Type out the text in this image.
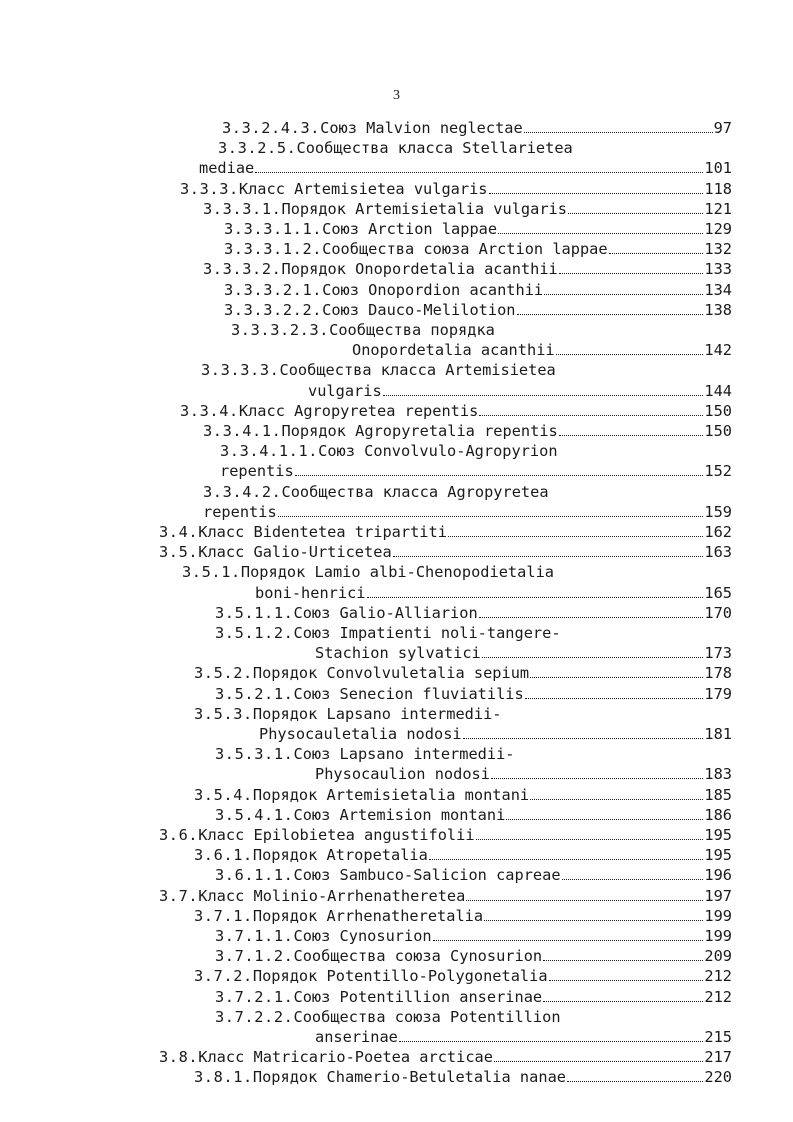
3
3.3.2.4.3. Союз Malvion neglectae	97
3.3.2.5. Сообщества класса Stellarietea
mediae	101
3.3.3. Класс Artemisietea vulgaris	118
3.3.3.1. Порядок Artemisietalia vulgaris	121
3.3.3.1.1. Союз Arction lappae	129
3.3.3.1.2. Сообщества союза Arction lappae	132
3.3.3.2. Порядок Onopordetalia acanthii	133
3.3.3.2.1. Союз Onopordion acanthii	134
3.3.3.2.2. Союз Dauco-Melilotion	138
3.3.3.2.3. Сообщества порядка
Onopordetalia acanthii	142
3.3.3.3. Сообщества класса Artemisietea
vulgaris	144
3.3.4. Класс Agropyretea repentis	150
3.3.4.1. Порядок Agropyretalia repentis	150
3.3.4.1.1. Союз Convolvulo-Agropyrion
repentis	152
3.3.4.2. Сообщества класса Agropyretea
repentis	159
3.4. Класс Bidentetea tripartiti	162
3.5. Класс Galio-Urticetea	163
3.5.1. Порядок Lamio albi-Chenopodietalia
boni-henrici	165
3.5.1.1. Союз Galio-Alliarion	170
3.5.1.2. Союз Impatienti noli-tangere-
Stachion sylvatici	173
3.5.2. Порядок Convolvuletalia sepium	178
3.5.2.1. Союз Senecion fluviatilis	179
3.5.3. Порядок Lapsano intermedii-
Physocauletalia nodosi	181
3.5.3.1. Союз Lapsano intermedii-
Physocaulion nodosi	183
3.5.4. Порядок Artemisietalia montani	185
3.5.4.1. Союз Artemision montani	186
3.6. Класс Epilobietea angustifolii	195
3.6.1. Порядок Atropetalia	195
3.6.1.1. Союз Sambuco-Salicion capreae	196
3.7. Класс Molinio-Arrhenatheretea	197
3.7.1. Порядок Arrhenatheretalia	199
3.7.1.1. Союз Cynosurion	199
3.7.1.2. Сообщества союза Cynosurion	209
3.7.2. Порядок Potentillo-Polygonetalia	212
3.7.2.1. Союз Potentillion anserinae	212
3.7.2.2. Сообщества союза Potentillion
anserinae	215
3.8. Класс Matricario-Poetea arcticae	217
3.8.1. Порядок Chamerio-Betuletalia nanae	220
